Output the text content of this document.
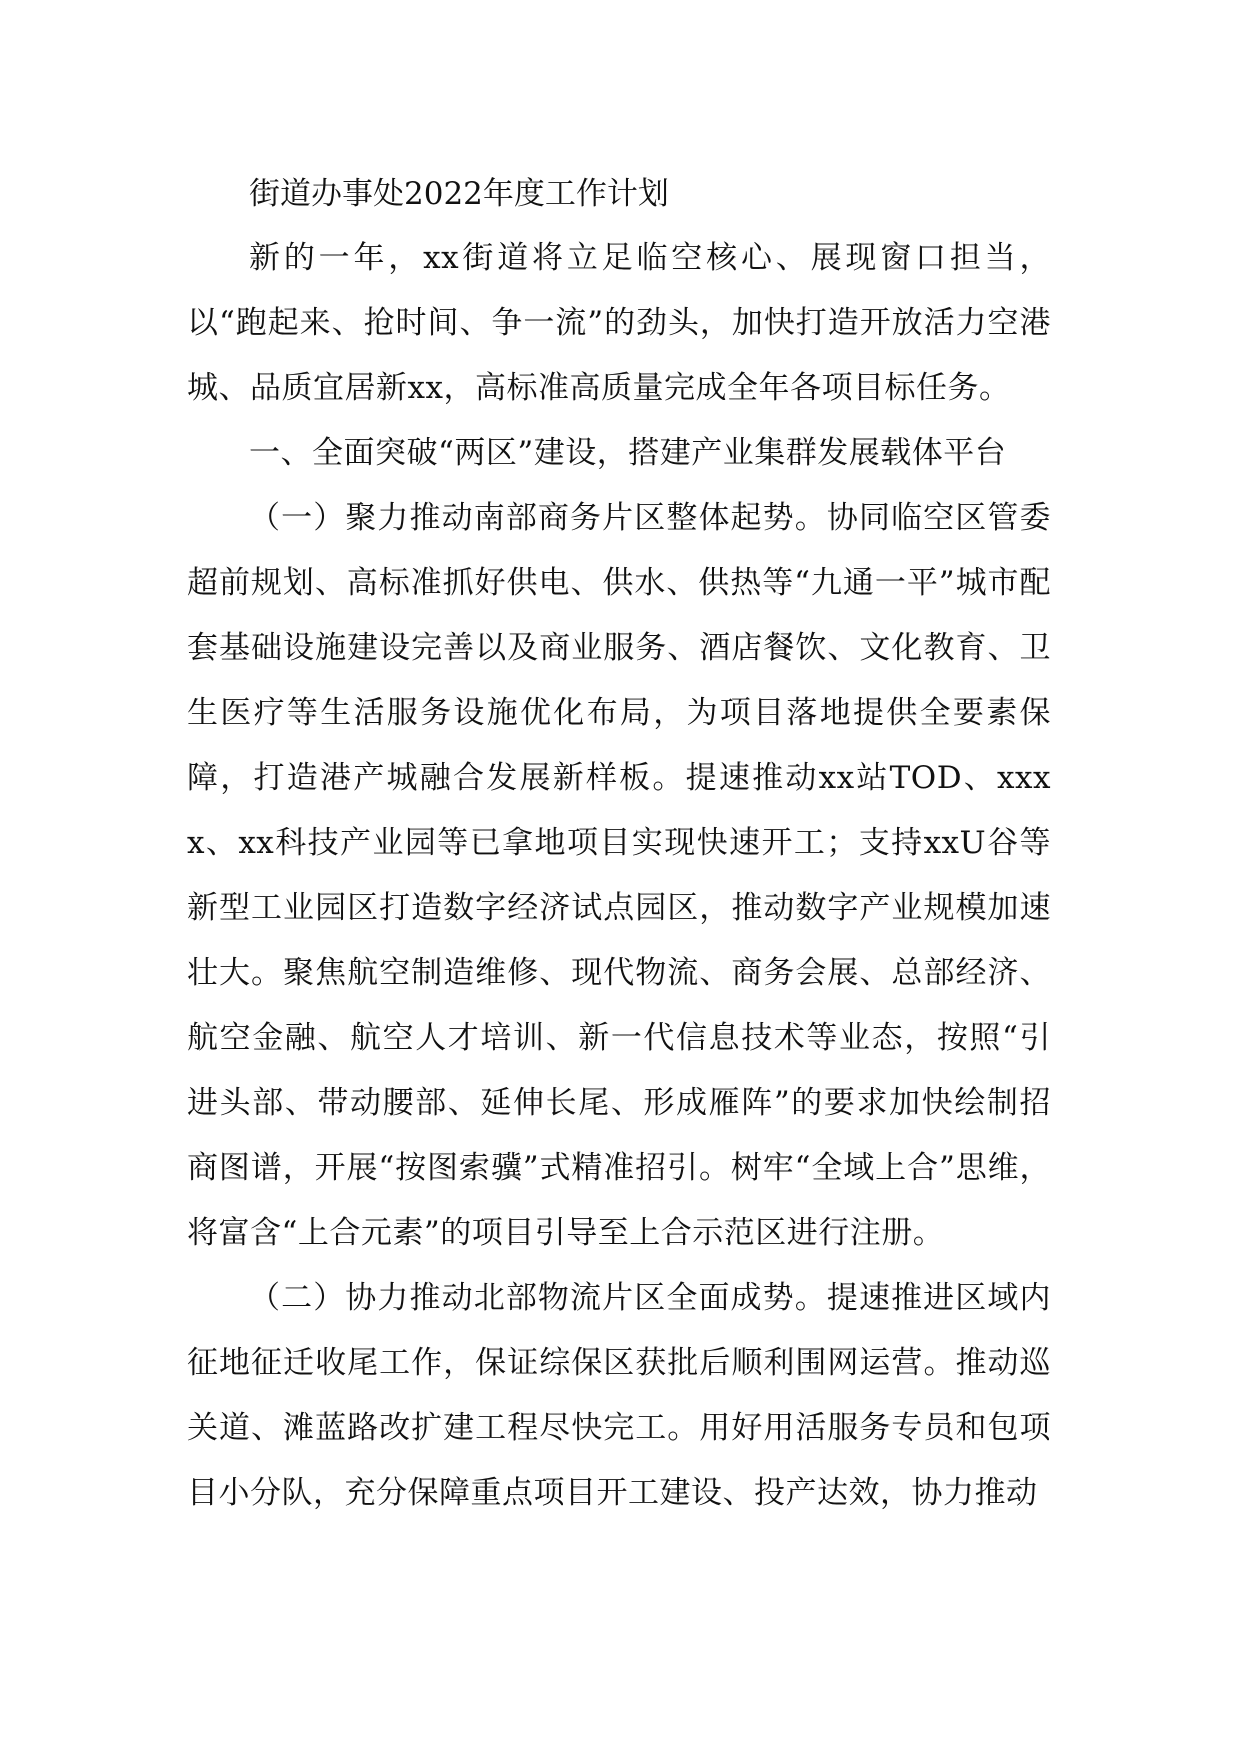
街道办事处2022年度工作计划

新的一年，xx街道将立足临空核心、展现窗口担当，以“跑起来、抢时间、争一流”的劲头，加快打造开放活力空港城、品质宜居新xx，高标准高质量完成全年各项目标任务。

一、全面突破“两区”建设，搭建产业集群发展载体平台

（一）聚力推动南部商务片区整体起势。协同临空区管委超前规划、高标准抓好供电、供水、供热等“九通一平”城市配套基础设施建设完善以及商业服务、酒店餐饮、文化教育、卫生医疗等生活服务设施优化布局，为项目落地提供全要素保障，打造港产城融合发展新样板。提速推动xx站TOD、xxxx、xx科技产业园等已拿地项目实现快速开工；支持xxU谷等新型工业园区打造数字经济试点园区，推动数字产业规模加速壮大。聚焦航空制造维修、现代物流、商务会展、总部经济、航空金融、航空人才培训、新一代信息技术等业态，按照“引进头部、带动腰部、延伸长尾、形成雁阵”的要求加快绘制招商图谱，开展“按图索骥”式精准招引。树牢“全域上合”思维，将富含“上合元素”的项目引导至上合示范区进行注册。

（二）协力推动北部物流片区全面成势。提速推进区域内征地征迁收尾工作，保证综保区获批后顺利围网运营。推动巡关道、滩蓝路改扩建工程尽快完工。用好用活服务专员和包项目小分队，充分保障重点项目开工建设、投产达效，协力推动
